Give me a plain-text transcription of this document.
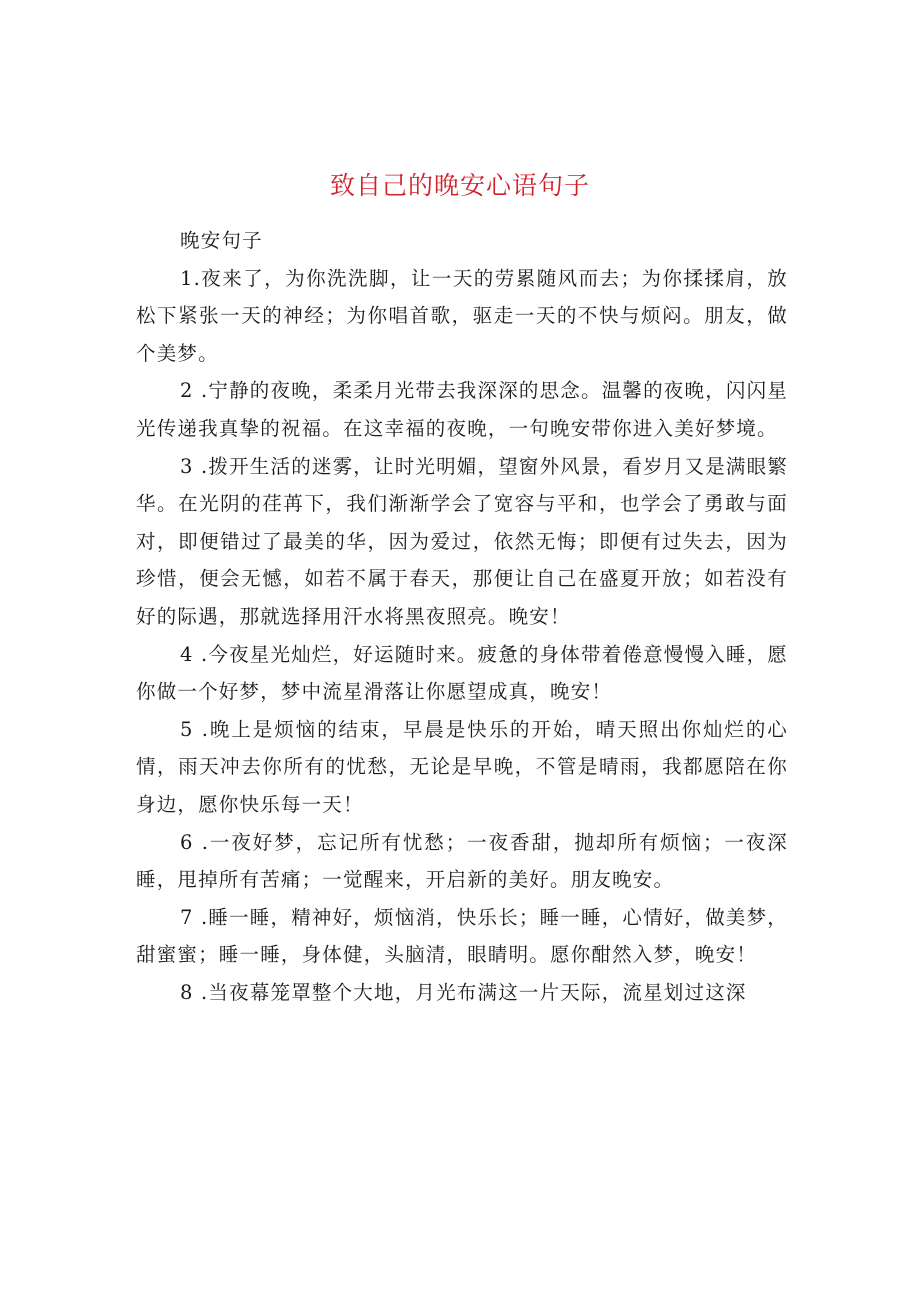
致自己的晚安心语句子

晚安句子

1.夜来了，为你洗洗脚，让一天的劳累随风而去；为你揉揉肩，放松下紧张一天的神经；为你唱首歌，驱走一天的不快与烦闷。朋友，做个美梦。

2 .宁静的夜晚，柔柔月光带去我深深的思念。温馨的夜晚，闪闪星光传递我真挚的祝福。在这幸福的夜晚，一句晚安带你进入美好梦境。

3 .拨开生活的迷雾，让时光明媚，望窗外风景，看岁月又是满眼繁华。在光阴的荏苒下，我们渐渐学会了宽容与平和，也学会了勇敢与面对，即便错过了最美的华，因为爱过，依然无悔；即便有过失去，因为珍惜，便会无憾，如若不属于春天，那便让自己在盛夏开放；如若没有好的际遇，那就选择用汗水将黑夜照亮。晚安！

4 .今夜星光灿烂，好运随时来。疲惫的身体带着倦意慢慢入睡，愿你做一个好梦，梦中流星滑落让你愿望成真，晚安！

5 .晚上是烦恼的结束，早晨是快乐的开始，晴天照出你灿烂的心情，雨天冲去你所有的忧愁，无论是早晚，不管是晴雨，我都愿陪在你身边，愿你快乐每一天！

6 .一夜好梦，忘记所有忧愁；一夜香甜，抛却所有烦恼；一夜深睡，甩掉所有苦痛；一觉醒来，开启新的美好。朋友晚安。

7 .睡一睡，精神好，烦恼消，快乐长；睡一睡，心情好，做美梦，甜蜜蜜；睡一睡，身体健，头脑清，眼睛明。愿你酣然入梦，晚安！

8 .当夜幕笼罩整个大地，月光布满这一片天际，流星划过这深
